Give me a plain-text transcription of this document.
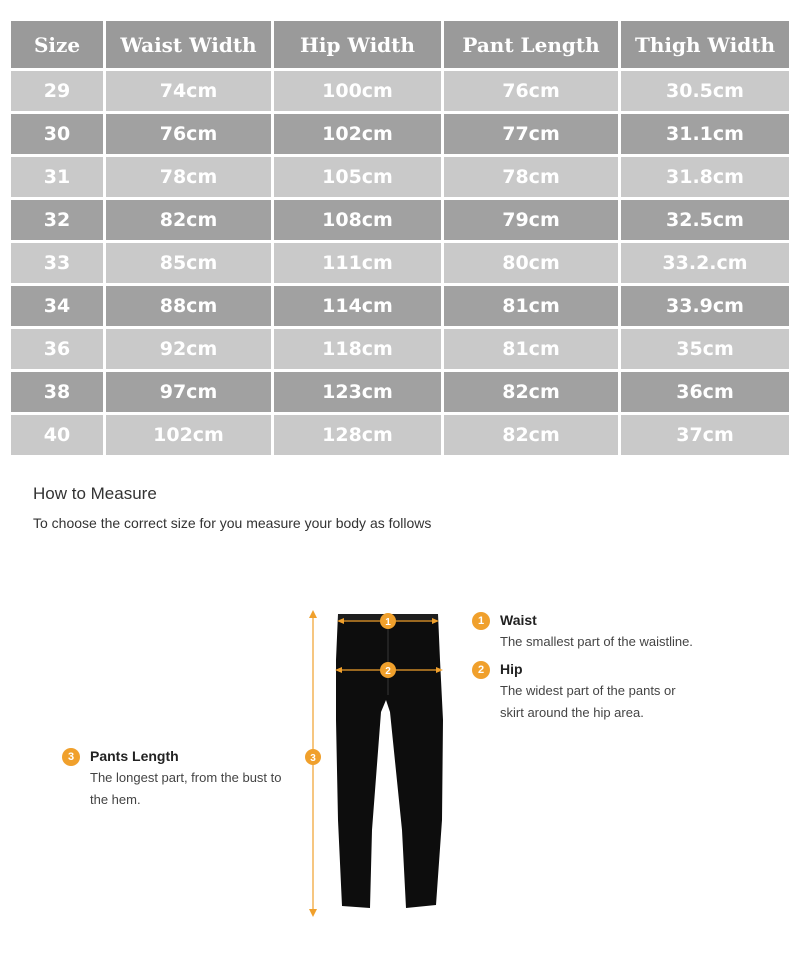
Size	Waist Width	Hip Width	Pant Length	Thigh Width
29	74cm	100cm	76cm	30.5cm
30	76cm	102cm	77cm	31.1cm
31	78cm	105cm	78cm	31.8cm
32	82cm	108cm	79cm	32.5cm
33	85cm	111cm	80cm	33.2.cm
34	88cm	114cm	81cm	33.9cm
36	92cm	118cm	81cm	35cm
38	97cm	123cm	82cm	36cm
40	102cm	128cm	82cm	37cm
How to Measure
To choose the correct size for you measure your body as follows
1
2
3
1	Waist
The smallest part of the waistline.
2	Hip
The widest part of the pants or
skirt around the hip area.
3	Pants Length
The longest part, from the bust to
the hem.
